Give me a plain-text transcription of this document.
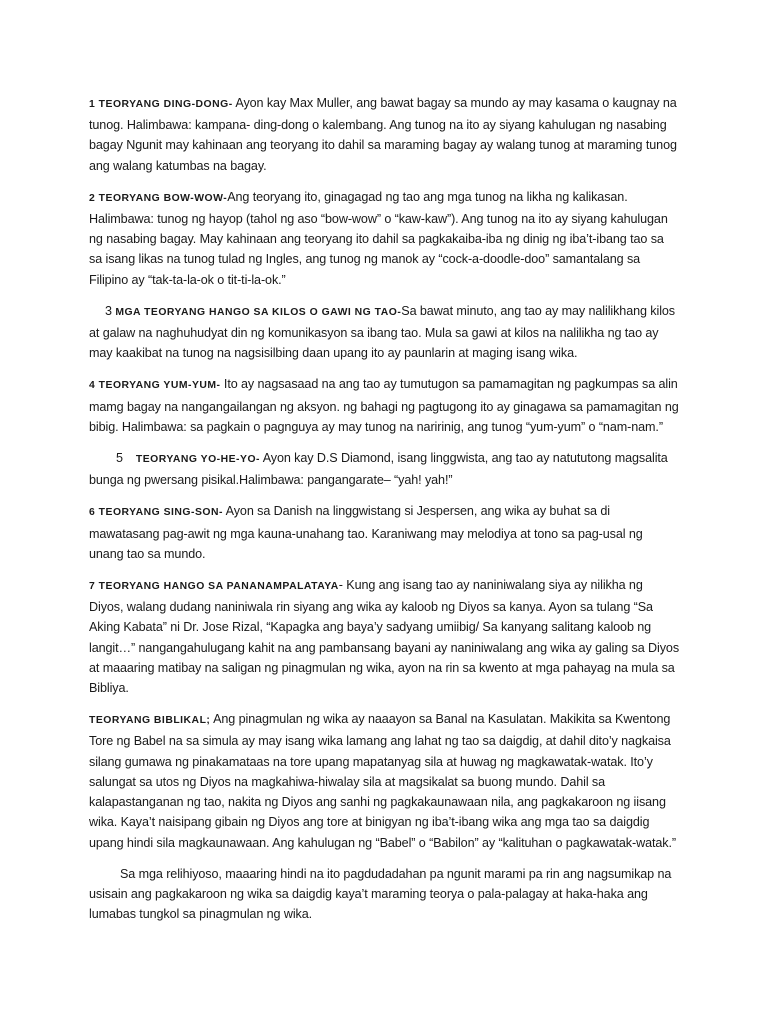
1 TEORYANG DING-DONG- Ayon kay Max Muller, ang bawat bagay sa mundo ay may kasama o kaugnay na tunog. Halimbawa: kampana- ding-dong o kalembang. Ang tunog na ito ay siyang kahulugan ng nasabing bagay Ngunit may kahinaan ang teoryang ito dahil sa maraming bagay ay walang tunog at maraming tunog ang walang katumbas na bagay.

2 TEORYANG BOW-WOW-Ang teoryang ito, ginagagad ng tao ang mga tunog na likha ng kalikasan. Halimbawa: tunog ng hayop (tahol ng aso “bow-wow” o “kaw-kaw”). Ang tunog na ito ay siyang kahulugan ng nasabing bagay. May kahinaan ang teoryang ito dahil sa pagkakaiba-iba ng dinig ng iba’t-ibang tao sa sa isang likas na tunog tulad ng Ingles, ang tunog ng manok ay “cock-a-doodle-doo” samantalang sa Filipino ay “tak-ta-la-ok o tit-ti-la-ok.”

3 MGA TEORYANG HANGO SA KILOS O GAWI NG TAO-Sa bawat minuto, ang tao ay may nalilikhang kilos at galaw na naghuhudyat din ng komunikasyon sa ibang tao. Mula sa gawi at kilos na nalilikha ng tao ay may kaakibat na tunog na nagsisilbing daan upang ito ay paunlarin at maging isang wika.

4 TEORYANG YUM-YUM- Ito ay nagsasaad na ang tao ay tumutugon sa pamamagitan ng pagkumpas sa alin mamg bagay na nangangailangan ng aksyon. ng bahagi ng pagtugong ito ay ginagawa sa pamamagitan ng bibig. Halimbawa: sa pagkain o pagnguya ay may tunog na naririnig, ang tunog “yum-yum” o “nam-nam.”

5 TEORYANG YO-HE-YO- Ayon kay D.S Diamond, isang linggwista, ang tao ay natututong magsalita bunga ng pwersang pisikal.Halimbawa: pangangarate– “yah! yah!”

6 TEORYANG SING-SON- Ayon sa Danish na linggwistang si Jespersen, ang wika ay buhat sa di mawatasang pag-awit ng mga kauna-unahang tao. Karaniwang may melodiya at tono sa pag-usal ng unang tao sa mundo.

7 TEORYANG HANGO SA PANANAMPALATAYA- Kung ang isang tao ay naniniwalang siya ay nilikha ng Diyos, walang dudang naniniwala rin siyang ang wika ay kaloob ng Diyos sa kanya. Ayon sa tulang “Sa Aking Kabata” ni Dr. Jose Rizal, “Kapagka ang baya’y sadyang umiibig/ Sa kanyang salitang kaloob ng langit…” nangangahulugang kahit na ang pambansang bayani ay naniniwalang ang wika ay galing sa Diyos at maaaring matibay na saligan ng pinagmulan ng wika, ayon na rin sa kwento at mga pahayag na mula sa Bibliya.

TEORYANG BIBLIKAL; Ang pinagmulan ng wika ay naaayon sa Banal na Kasulatan. Makikita sa Kwentong Tore ng Babel na sa simula ay may isang wika lamang ang lahat ng tao sa daigdig, at dahil dito’y nagkaisa silang gumawa ng pinakamataas na tore upang mapatanyag sila at huwag ng magkawatak-watak. Ito’y salungat sa utos ng Diyos na magkahiwa-hiwalay sila at magsikalat sa buong mundo. Dahil sa kalapastanganan ng tao, nakita ng Diyos ang sanhi ng pagkakaunawaan nila, ang pagkakaroon ng iisang wika. Kaya’t naisipang gibain ng Diyos ang tore at binigyan ng iba’t-ibang wika ang mga tao sa daigdig upang hindi sila magkaunawaan. Ang kahulugan ng “Babel” o “Babilon” ay “kalituhan o pagkawatak-watak.”

Sa mga relihiyoso, maaaring hindi na ito pagdudadahan pa ngunit marami pa rin ang nagsumikap na usisain ang pagkakaroon ng wika sa daigdig kaya’t maraming teorya o pala-palagay at haka-haka ang lumabas tungkol sa pinagmulan ng wika.
